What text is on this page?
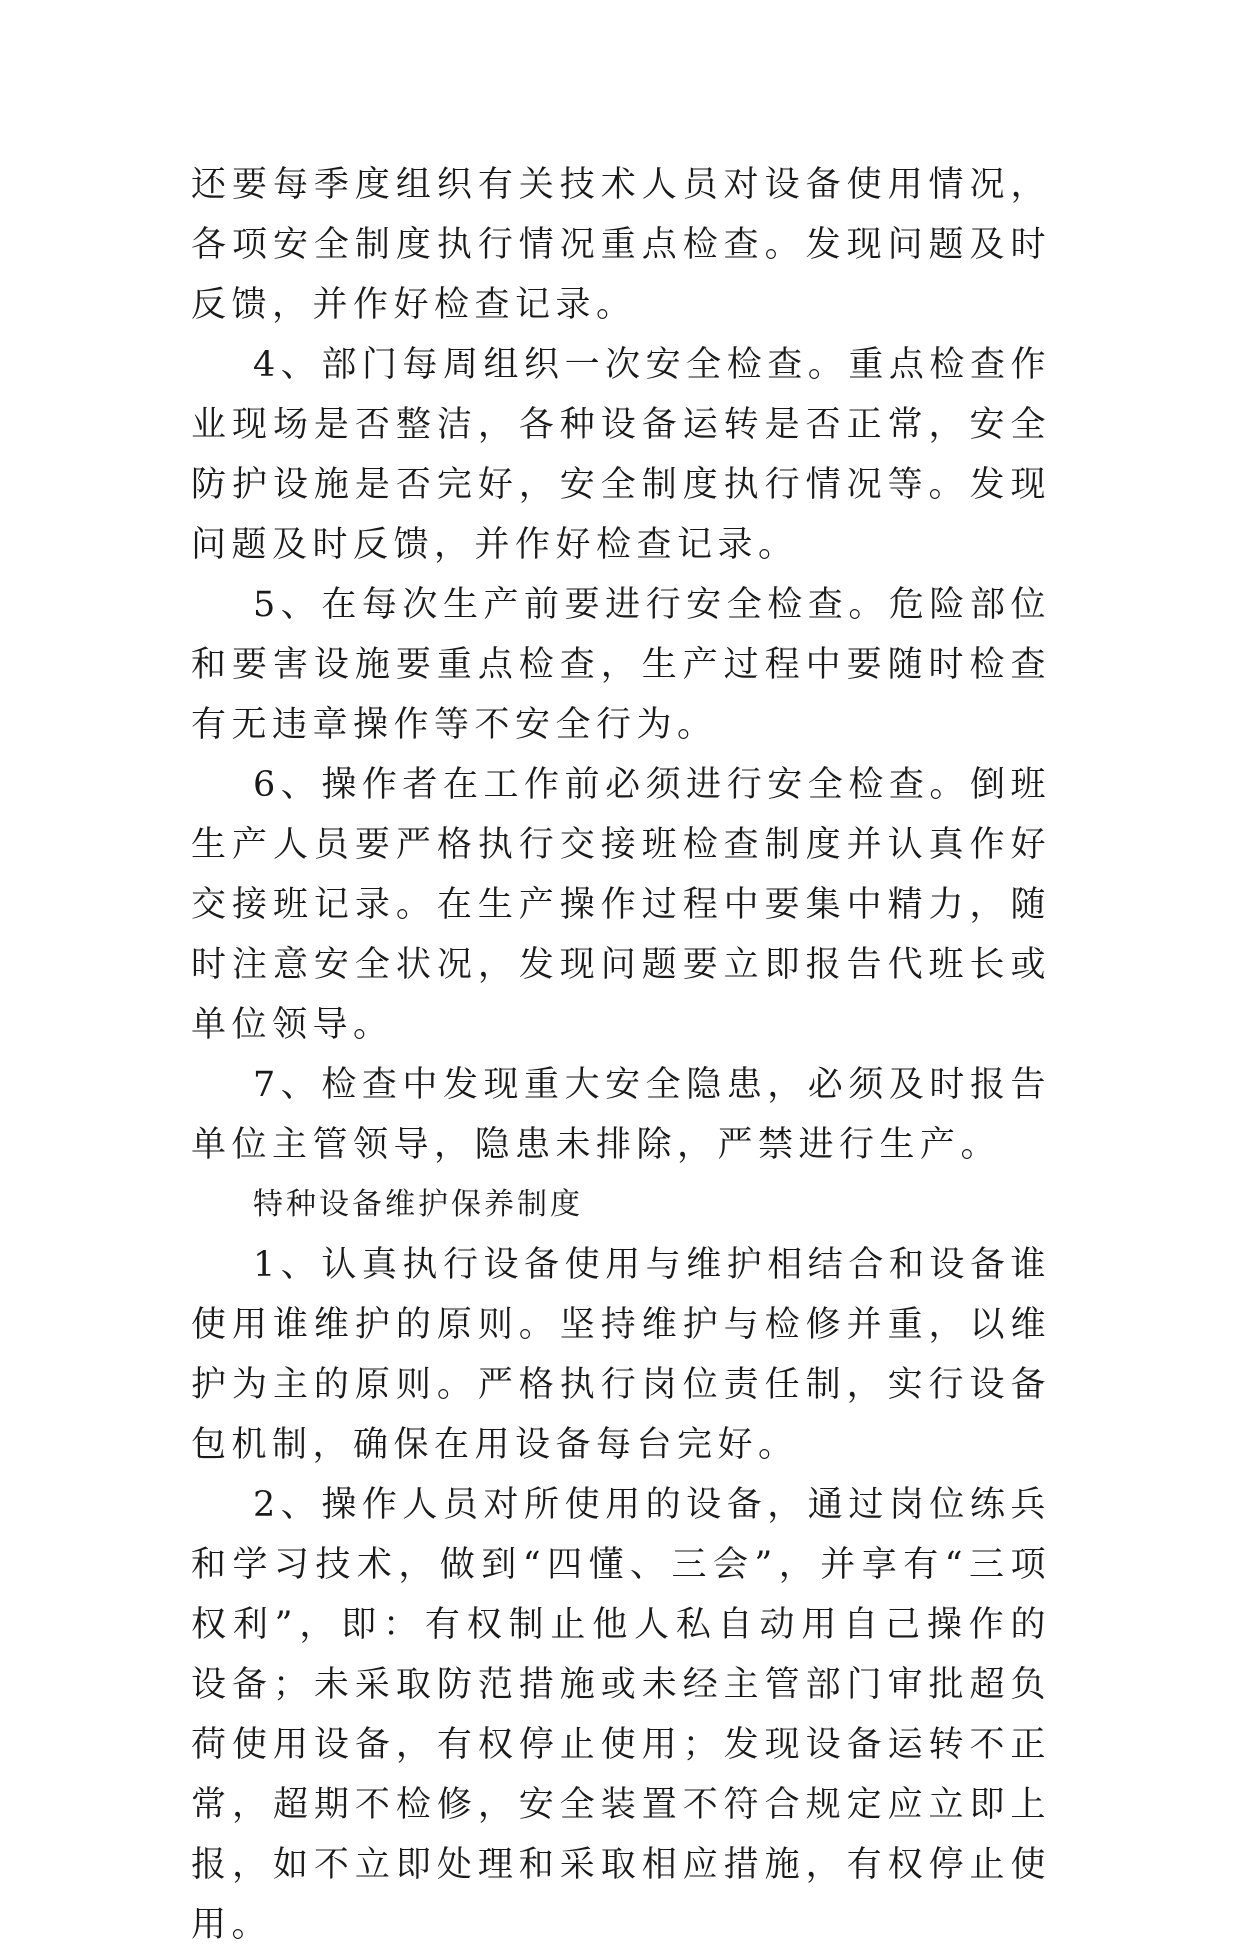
还要每季度组织有关技术人员对设备使用情况，各项安全制度执行情况重点检查。发现问题及时反馈，并作好检查记录。

4、部门每周组织一次安全检查。重点检查作业现场是否整洁，各种设备运转是否正常，安全防护设施是否完好，安全制度执行情况等。发现问题及时反馈，并作好检查记录。

5、在每次生产前要进行安全检查。危险部位和要害设施要重点检查，生产过程中要随时检查有无违章操作等不安全行为。

6、操作者在工作前必须进行安全检查。倒班生产人员要严格执行交接班检查制度并认真作好交接班记录。在生产操作过程中要集中精力，随时注意安全状况，发现问题要立即报告代班长或单位领导。

7、检查中发现重大安全隐患，必须及时报告单位主管领导，隐患未排除，严禁进行生产。

特种设备维护保养制度

1、认真执行设备使用与维护相结合和设备谁使用谁维护的原则。坚持维护与检修并重，以维护为主的原则。严格执行岗位责任制，实行设备包机制，确保在用设备每台完好。

2、操作人员对所使用的设备，通过岗位练兵和学习技术，做到“四懂、三会”，并享有“三项权利”，即：有权制止他人私自动用自己操作的设备；未采取防范措施或未经主管部门审批超负荷使用设备，有权停止使用；发现设备运转不正常，超期不检修，安全装置不符合规定应立即上报，如不立即处理和采取相应措施，有权停止使用。
